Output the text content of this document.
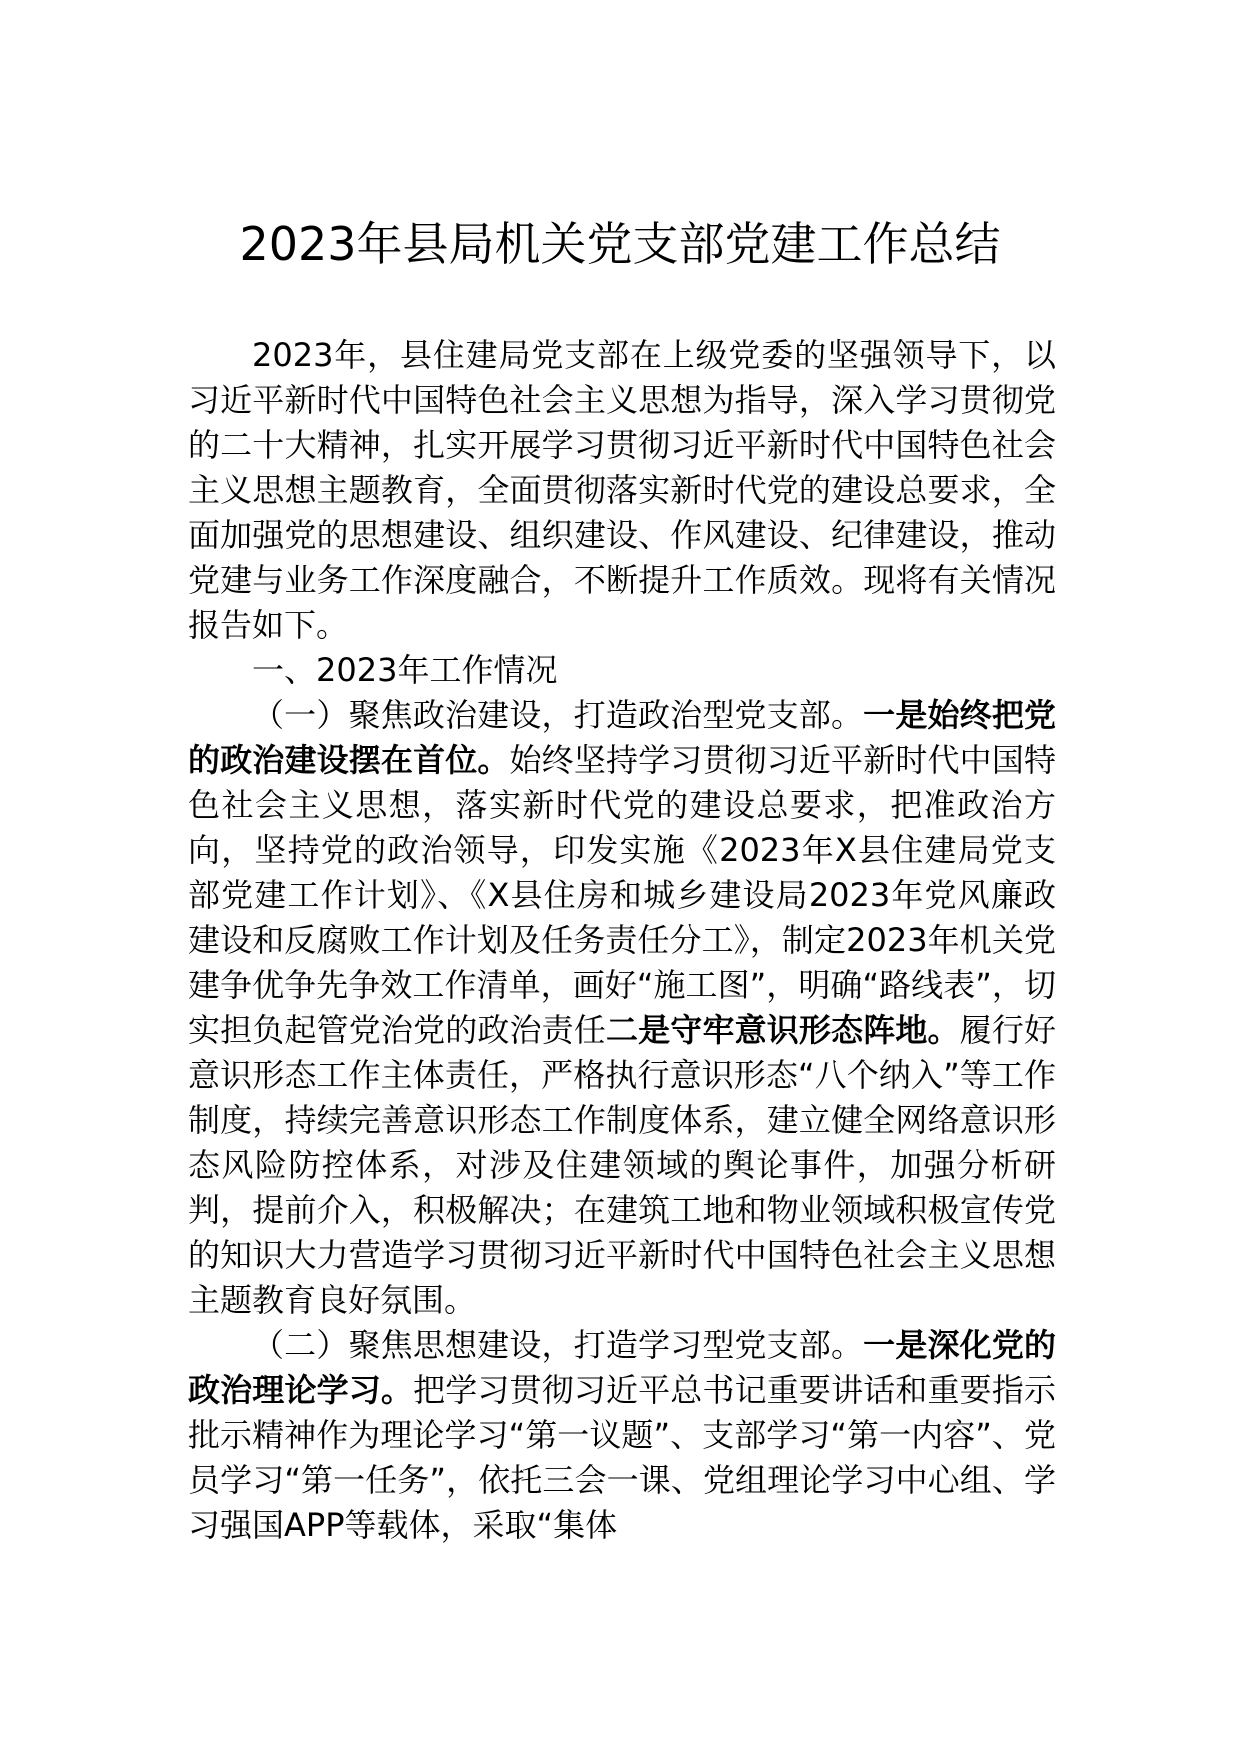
2023年县局机关党支部党建工作总结

2023年，县住建局党支部在上级党委的坚强领导下，以习近平新时代中国特色社会主义思想为指导，深入学习贯彻党的二十大精神，扎实开展学习贯彻习近平新时代中国特色社会主义思想主题教育，全面贯彻落实新时代党的建设总要求，全面加强党的思想建设、组织建设、作风建设、纪律建设，推动党建与业务工作深度融合，不断提升工作质效。现将有关情况报告如下。

一、2023年工作情况

（一）聚焦政治建设，打造政治型党支部。一是始终把党的政治建设摆在首位。始终坚持学习贯彻习近平新时代中国特色社会主义思想，落实新时代党的建设总要求，把准政治方向，坚持党的政治领导，印发实施《2023年X县住建局党支部党建工作计划》、《X县住房和城乡建设局2023年党风廉政建设和反腐败工作计划及任务责任分工》，制定2023年机关党建争优争先争效工作清单，画好“施工图”，明确“路线表”，切实担负起管党治党的政治责任二是守牢意识形态阵地。履行好意识形态工作主体责任，严格执行意识形态“八个纳入”等工作制度，持续完善意识形态工作制度体系，建立健全网络意识形态风险防控体系，对涉及住建领域的舆论事件，加强分析研判，提前介入，积极解决；在建筑工地和物业领域积极宣传党的知识大力营造学习贯彻习近平新时代中国特色社会主义思想主题教育良好氛围。

（二）聚焦思想建设，打造学习型党支部。一是深化党的政治理论学习。把学习贯彻习近平总书记重要讲话和重要指示批示精神作为理论学习“第一议题”、支部学习“第一内容”、党员学习“第一任务”，依托三会一课、党组理论学习中心组、学习强国APP等载体，采取“集体
